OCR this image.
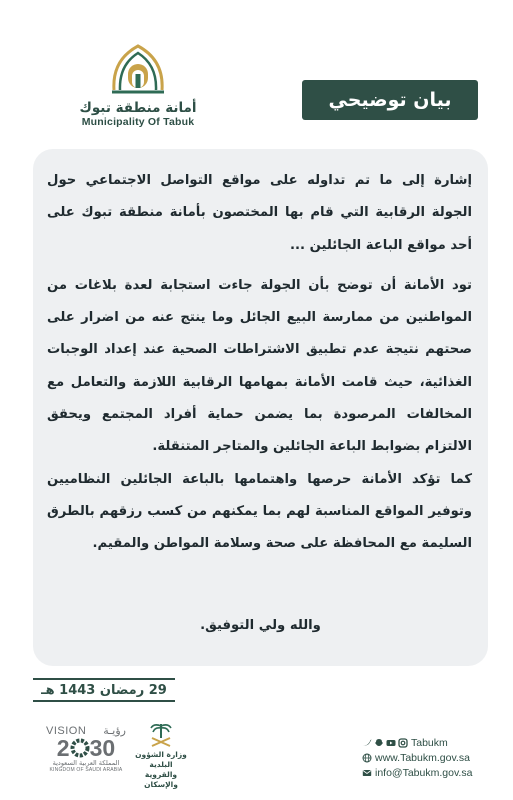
أمانة منطقة تبوك
Municipality Of Tabuk
بيان توضيحي

إشارة إلى ما تم تداوله على مواقع التواصل الاجتماعي حول الجولة الرقابية التي قام بها المختصون بأمانة منطقة تبوك على أحد مواقع الباعة الجائلين ...

تود الأمانة أن توضح بأن الجولة جاءت استجابة لعدة بلاغات من المواطنين من ممارسة البيع الجائل وما ينتج عنه من اضرار على صحتهم نتيجة عدم تطبيق الاشتراطات الصحية عند إعداد الوجبات الغذائية، حيث قامت الأمانة بمهامها الرقابية اللازمة والتعامل مع المخالفات المرصودة بما يضمن حماية أفراد المجتمع ويحقق الالتزام بضوابط الباعة الجائلين والمتاجر المتنقلة.

كما تؤكد الأمانة حرصها واهتمامها بالباعة الجائلين النظاميين وتوفير المواقع المناسبة لهم بما يمكنهم من كسب رزقهم بالطرق السليمة مع المحافظة على صحة وسلامة المواطن والمقيم.

والله ولي التوفيق.
29 رمضان 1443 هـ
VISION رؤيـة
2 30
المملكة العربية السعودية
KINGDOM OF SAUDI ARABIA
وزارة الشؤون البلدية
والقروية والإسكان
Tabukm
www.Tabukm.gov.sa
info@Tabukm.gov.sa
